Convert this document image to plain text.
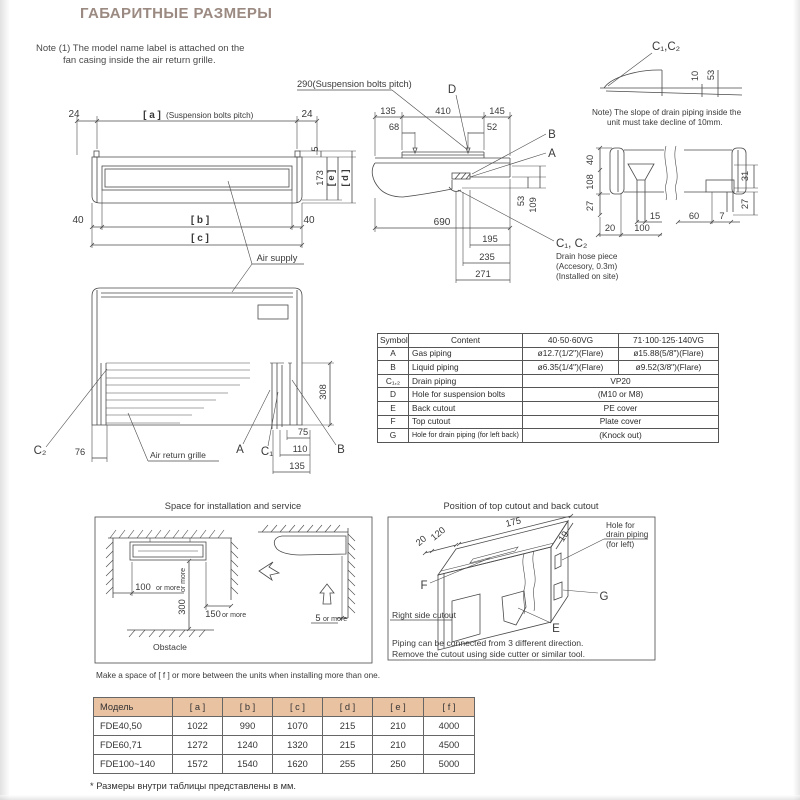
ГАБАРИТНЫЕ РАЗМЕРЫ
Note (1) The model name label is attached on the
fan casing inside the air return grille.
24	[ a ] (Suspension bolts pitch)	24
5
173 [ e ] [ d ]
40	[ b ]	40
[ c ]
Air supply
308
C₂	76	Air return grille	A C₁	B
75
110
135
290(Suspension bolts pitch)
135	410	145
68	52
D
B
A
690
53 109
195
235
271
C₁, C₂
Drain hose piece
(Accesory, 0.3m)
(Installed on site)
C₁,C₂
10 53
Note) The slope of drain piping inside the
unit must take decline of 10mm.
40
108
27
15
20 100
60 7
31
27
Space for installation and service
100 or more
300
or more
150 or more
Obstacle
5 or more
Make a space of [ f ] or more between the units when installing more than one.
Position of top cutout and back cutout
175
20 120	19
F
G
E
Right side cutout
Hole for
drain piping
(for left)
Piping can be connected from 3 different direction.
Remove the cutout using side cutter or similar tool.
Symbol	Content	40·50·60VG	71·100·125·140VG
A	Gas piping	ø12.7(1/2")(Flare)	ø15.88(5/8")(Flare)
B	Liquid piping	ø6.35(1/4")(Flare)	ø9.52(3/8")(Flare)
C₁,₂	Drain piping	VP20	
D	Hole for suspension bolts	(M10 or M8)	
E	Back cutout	PE cover	
F	Top cutout	Plate cover	
G	Hole for drain piping (for left back)	(Knock out)	
Модель	[ a ]	[ b ]	[ c ]	[ d ]	[ e ]	[ f ]
FDE40,50	1022	990	1070	215	210	4000
FDE60,71	1272	1240	1320	215	210	4500
FDE100~140	1572	1540	1620	255	250	5000
* Размеры внутри таблицы представлены в мм.
